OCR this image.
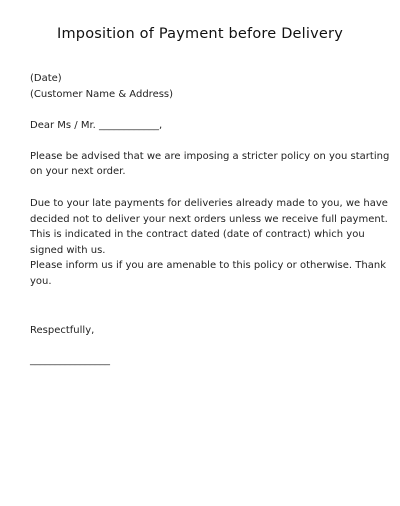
Imposition of Payment before Delivery
(Date)
(Customer Name & Address)
Dear Ms / Mr. ____________,
Please be advised that we are imposing a stricter policy on you starting
on your next order.
Due to your late payments for deliveries already made to you, we have
decided not to deliver your next orders unless we receive full payment.
This is indicated in the contract dated (date of contract) which you
signed with us.
Please inform us if you are amenable to this policy or otherwise. Thank
you.
Respectfully,
________________
